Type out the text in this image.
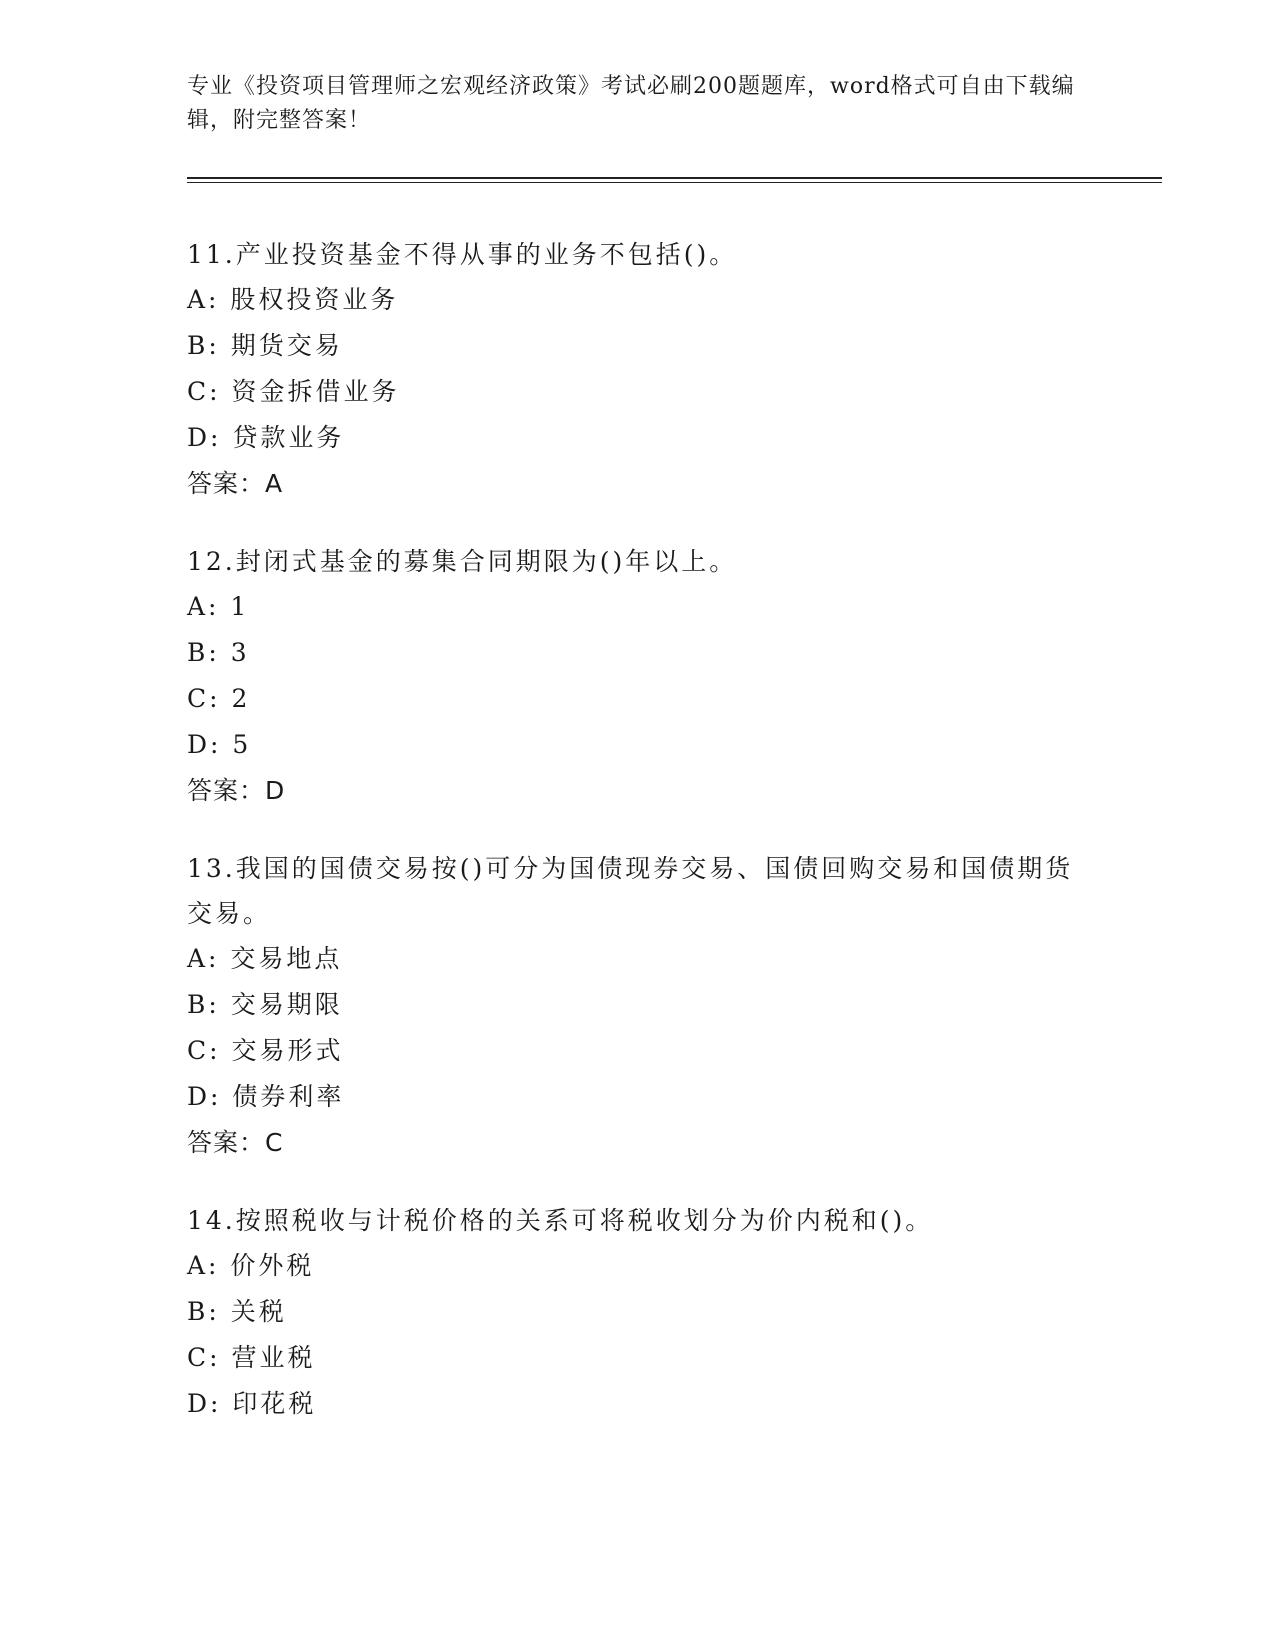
专业《投资项目管理师之宏观经济政策》考试必刷200题题库，word格式可自由下载编辑，附完整答案！
11.产业投资基金不得从事的业务不包括()。
A: 股权投资业务
B: 期货交易
C: 资金拆借业务
D: 贷款业务
答案：A
12.封闭式基金的募集合同期限为()年以上。
A: 1
B: 3
C: 2
D: 5
答案：D
13.我国的国债交易按()可分为国债现券交易、国债回购交易和国债期货交易。
A: 交易地点
B: 交易期限
C: 交易形式
D: 债券利率
答案：C
14.按照税收与计税价格的关系可将税收划分为价内税和()。
A: 价外税
B: 关税
C: 营业税
D: 印花税
